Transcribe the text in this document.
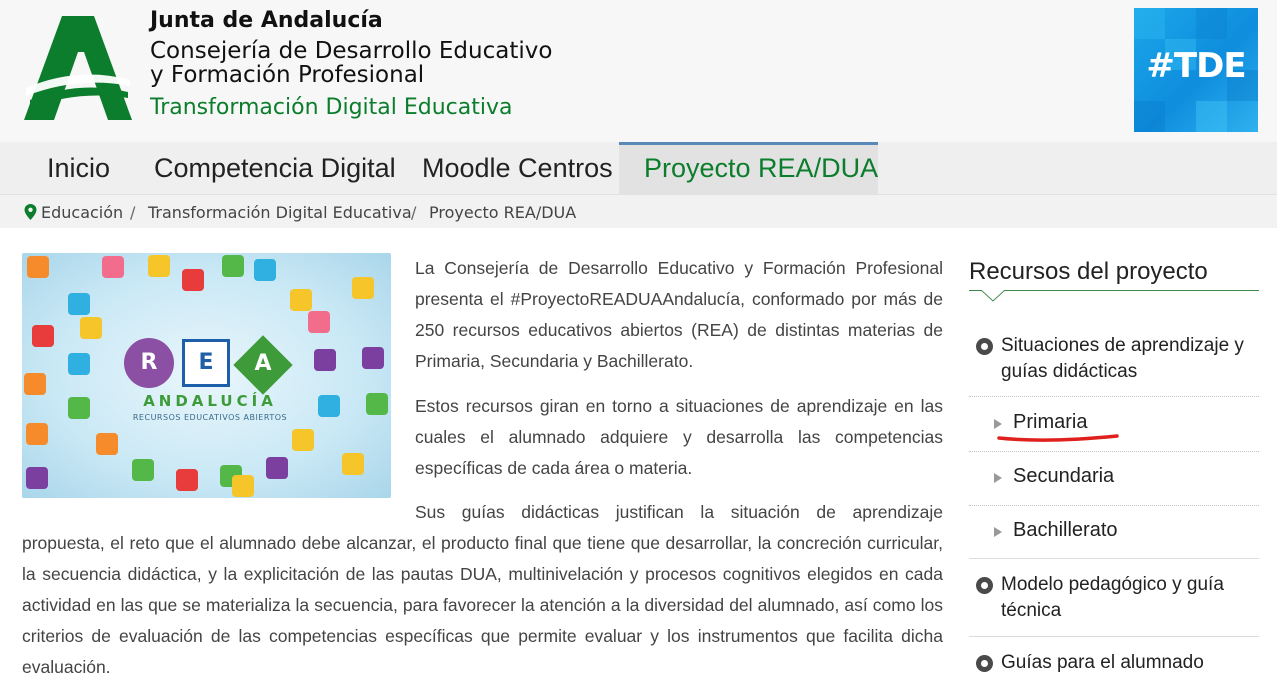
Junta de Andalucía
Consejería de Desarrollo Educativo
y Formación Profesional
Transformación Digital Educativa
#TDE
Inicio Competencia Digital Moodle Centros	Proyecto REA/DUA
Educación / Transformación Digital Educativa / Proyecto REA/DUA
R	E	A
ANDALUCÍA
RECURSOS EDUCATIVOS ABIERTOS
La Consejería de Desarrollo Educativo y Formación Profesional presenta el #ProyectoREADUAAndalucía, conformado por más de 250 recursos educativos abiertos (REA) de distintas materias de Primaria, Secundaria y Bachillerato.
Estos recursos giran en torno a situaciones de aprendizaje en las cuales el alumnado adquiere y desarrolla las competencias específicas de cada área o materia.
Sus guías didácticas justifican la situación de aprendizaje
propuesta, el reto que el alumnado debe alcanzar, el producto final que tiene que desarrollar, la concreción curricular, la secuencia didáctica, y la explicitación de las pautas DUA, multinivelación y procesos cognitivos elegidos en cada actividad en las que se materializa la secuencia, para favorecer la atención a la diversidad del alumnado, así como los criterios de evaluación de las competencias específicas que permite evaluar y los instrumentos que facilita dicha evaluación.
Recursos del proyecto
Situaciones de aprendizaje y guías didácticas
Primaria
Secundaria
Bachillerato
Modelo pedagógico y guía técnica
Guías para el alumnado
